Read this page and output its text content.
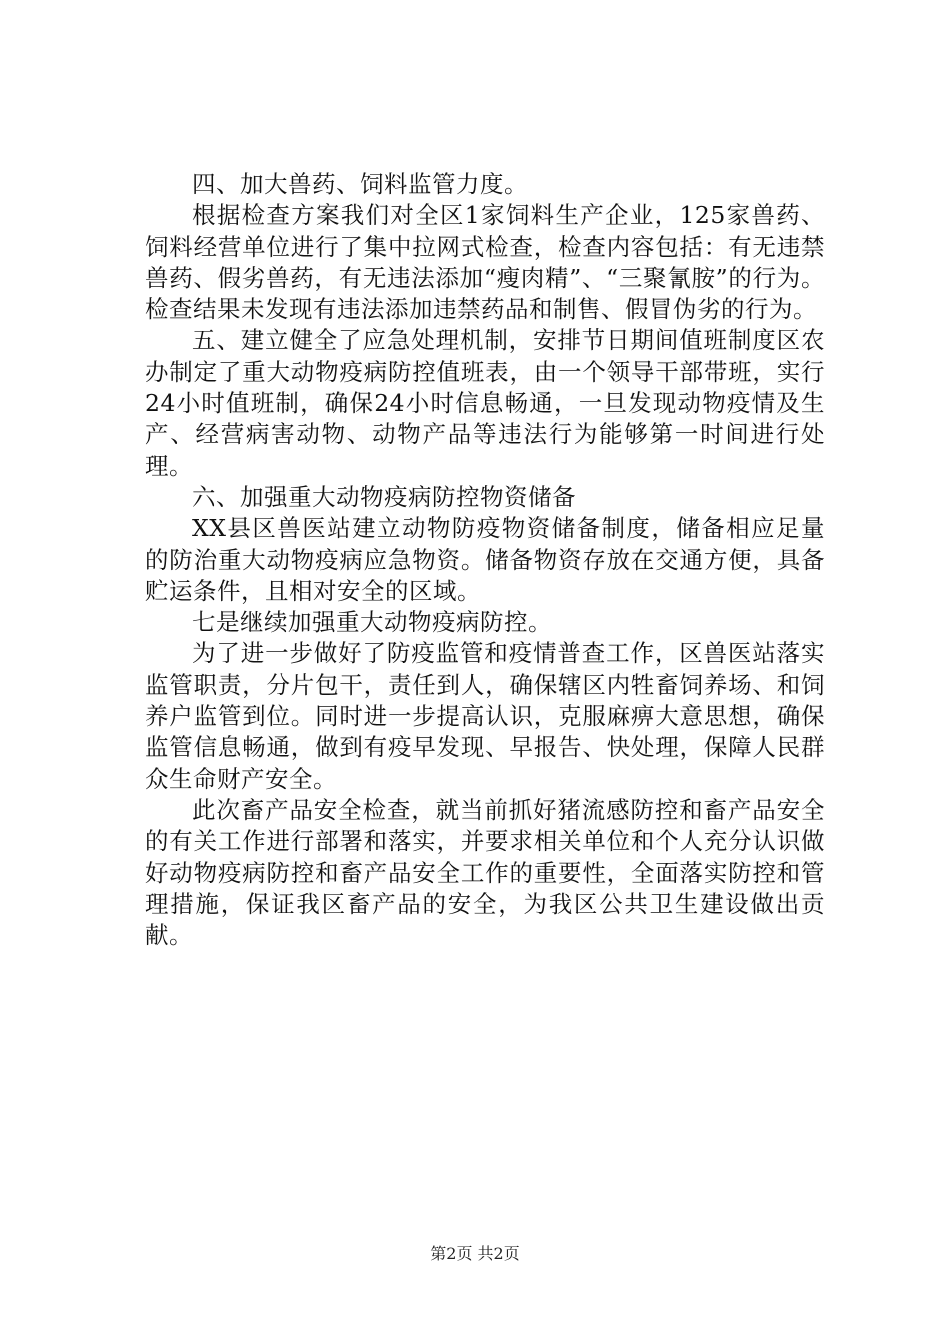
四、加大兽药、饲料监管力度。

根据检查方案我们对全区1家饲料生产企业，125家兽药、饲料经营单位进行了集中拉网式检查，检查内容包括：有无违禁兽药、假劣兽药，有无违法添加“瘦肉精”、“三聚氰胺”的行为。检查结果未发现有违法添加违禁药品和制售、假冒伪劣的行为。

五、建立健全了应急处理机制，安排节日期间值班制度区农办制定了重大动物疫病防控值班表，由一个领导干部带班，实行24小时值班制，确保24小时信息畅通，一旦发现动物疫情及生产、经营病害动物、动物产品等违法行为能够第一时间进行处理。

六、加强重大动物疫病防控物资储备

XX县区兽医站建立动物防疫物资储备制度，储备相应足量的防治重大动物疫病应急物资。储备物资存放在交通方便，具备贮运条件，且相对安全的区域。

七是继续加强重大动物疫病防控。

为了进一步做好了防疫监管和疫情普查工作，区兽医站落实监管职责，分片包干，责任到人，确保辖区内牲畜饲养场、和饲养户监管到位。同时进一步提高认识，克服麻痹大意思想，确保监管信息畅通，做到有疫早发现、早报告、快处理，保障人民群众生命财产安全。

此次畜产品安全检查，就当前抓好猪流感防控和畜产品安全的有关工作进行部署和落实，并要求相关单位和个人充分认识做好动物疫病防控和畜产品安全工作的重要性，全面落实防控和管理措施，保证我区畜产品的安全，为我区公共卫生建设做出贡献。

第2页 共2页
